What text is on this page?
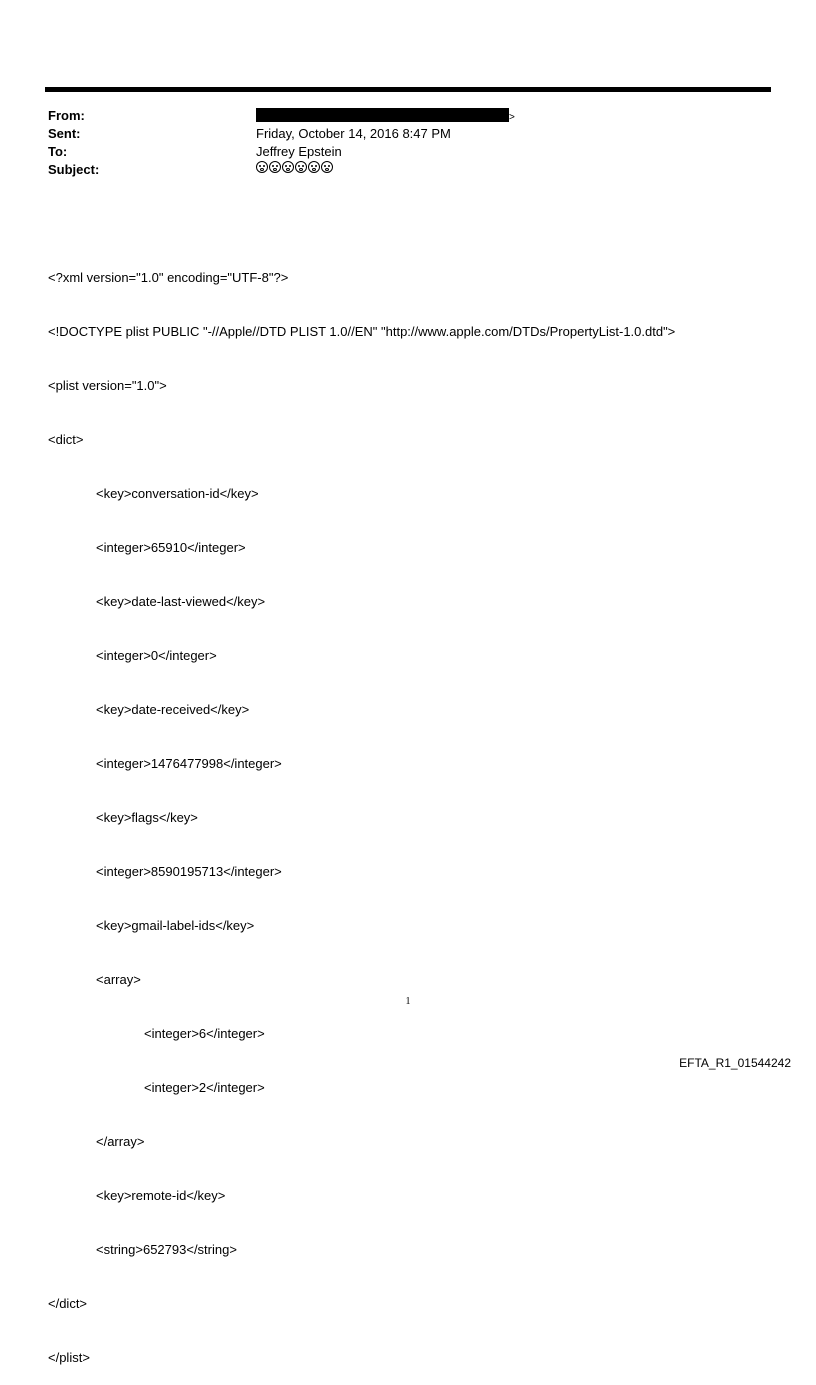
From:	>
Sent:	Friday, October 14, 2016 8:47 PM
To:	Jeffrey Epstein
Subject:

<?xml version="1.0" encoding="UTF-8"?>

<!DOCTYPE plist PUBLIC "-//Apple//DTD PLIST 1.0//EN" "http://www.apple.com/DTDs/PropertyList-1.0.dtd">

<plist version="1.0">

<dict>

<key>conversation-id</key>

<integer>65910</integer>

<key>date-last-viewed</key>

<integer>0</integer>

<key>date-received</key>

<integer>1476477998</integer>

<key>flags</key>

<integer>8590195713</integer>

<key>gmail-label-ids</key>

<array>

<integer>6</integer>

<integer>2</integer>

</array>

<key>remote-id</key>

<string>652793</string>

</dict>

</plist>

1
EFTA_R1_01544242
